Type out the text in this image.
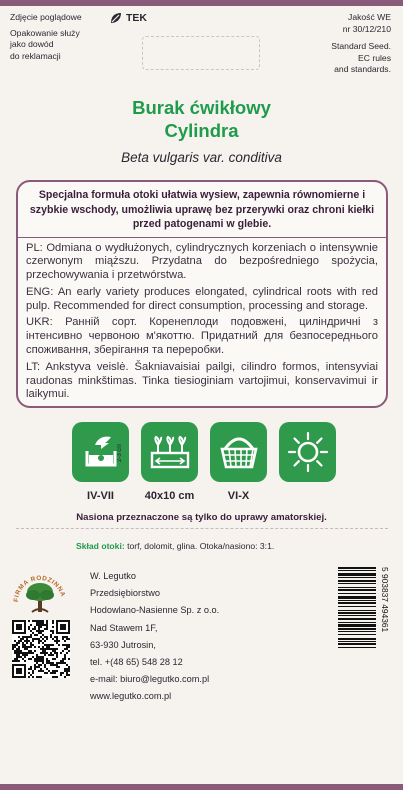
Zdjęcie poglądowe
Opakowanie służy
jako dowód
do reklamacji
TEK	Jakość WE
nr 30/12/210
Standard Seed.
EC rules
and standards.
Burak ćwikłowy
Cylindra
Beta vulgaris var. conditiva
Specjalna formuła otoki ułatwia wysiew, zapewnia równomierne i szybkie wschody, umożliwia uprawę bez przerywki oraz chroni kiełki przed patogenami w glebie.
PL: Odmiana o wydłużonych, cylindrycznych korzeniach o intensywnie czerwonym miąższu. Przydatna do bezpośredniego spożycia, przechowywania i przetwórstwa.
ENG: An early variety produces elongated, cylindrical roots with red pulp. Recommended for direct consumption, processing and storage.
UKR: Ранній сорт. Коренеплоди подовжені, циліндричні з інтенсивно червоною м'якоттю. Придатний для безпосереднього споживання, зберігання та переробки.
LT: Ankstyva veislė. Šakniavaisiai pailgi, cilindro formos, intensyviai raudonas minkštimas. Tinka tiesioginiam vartojimui, konservavimui ir laikymui.
2-3 cm
IV-VII	40x10 cm	VI-X
Nasiona przeznaczone są tylko do uprawy amatorskiej.
Skład otoki: torf, dolomit, glina. Otoka/nasiono: 3:1.
FIRMA RODZINNA
W. Legutko
Przedsiębiorstwo
Hodowlano-Nasienne Sp. z o.o.
Nad Stawem 1F,
63-930 Jutrosin,
tel. +(48 65) 548 28 12
e-mail: biuro@legutko.com.pl
www.legutko.com.pl
5 903837 494361
